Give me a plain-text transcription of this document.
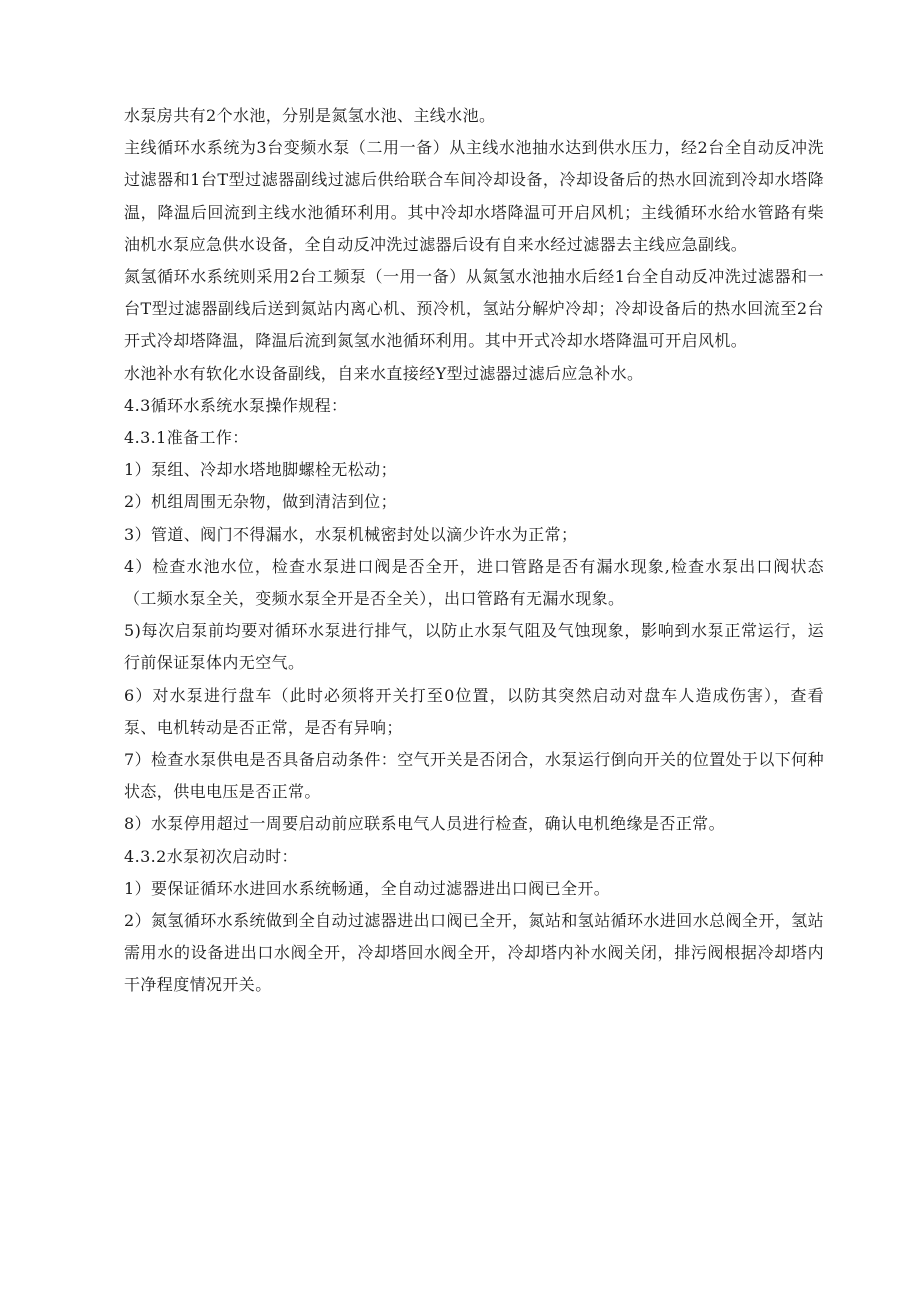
水泵房共有2个水池，分别是氮氢水池、主线水池。

主线循环水系统为3台变频水泵（二用一备）从主线水池抽水达到供水压力，经2台全自动反冲洗过滤器和1台T型过滤器副线过滤后供给联合车间冷却设备，冷却设备后的热水回流到冷却水塔降温，降温后回流到主线水池循环利用。其中冷却水塔降温可开启风机；主线循环水给水管路有柴油机水泵应急供水设备，全自动反冲洗过滤器后设有自来水经过滤器去主线应急副线。

氮氢循环水系统则采用2台工频泵（一用一备）从氮氢水池抽水后经1台全自动反冲洗过滤器和一台T型过滤器副线后送到氮站内离心机、预冷机，氢站分解炉冷却；冷却设备后的热水回流至2台开式冷却塔降温，降温后流到氮氢水池循环利用。其中开式冷却水塔降温可开启风机。

水池补水有软化水设备副线，自来水直接经Y型过滤器过滤后应急补水。

4.3循环水系统水泵操作规程：

4.3.1准备工作：

1）泵组、冷却水塔地脚螺栓无松动；

2）机组周围无杂物，做到清洁到位；

3）管道、阀门不得漏水，水泵机械密封处以滴少许水为正常；

4）检查水池水位，检查水泵进口阀是否全开，进口管路是否有漏水现象,检查水泵出口阀状态（工频水泵全关，变频水泵全开是否全关），出口管路有无漏水现象。

5)每次启泵前均要对循环水泵进行排气，以防止水泵气阻及气蚀现象，影响到水泵正常运行，运行前保证泵体内无空气。

6）对水泵进行盘车（此时必须将开关打至0位置，以防其突然启动对盘车人造成伤害），查看泵、电机转动是否正常，是否有异响；

7）检查水泵供电是否具备启动条件：空气开关是否闭合，水泵运行倒向开关的位置处于以下何种状态，供电电压是否正常。

8）水泵停用超过一周要启动前应联系电气人员进行检查，确认电机绝缘是否正常。

4.3.2水泵初次启动时：

1）要保证循环水进回水系统畅通，全自动过滤器进出口阀已全开。

2）氮氢循环水系统做到全自动过滤器进出口阀已全开，氮站和氢站循环水进回水总阀全开，氢站需用水的设备进出口水阀全开，冷却塔回水阀全开，冷却塔内补水阀关闭，排污阀根据冷却塔内干净程度情况开关。
